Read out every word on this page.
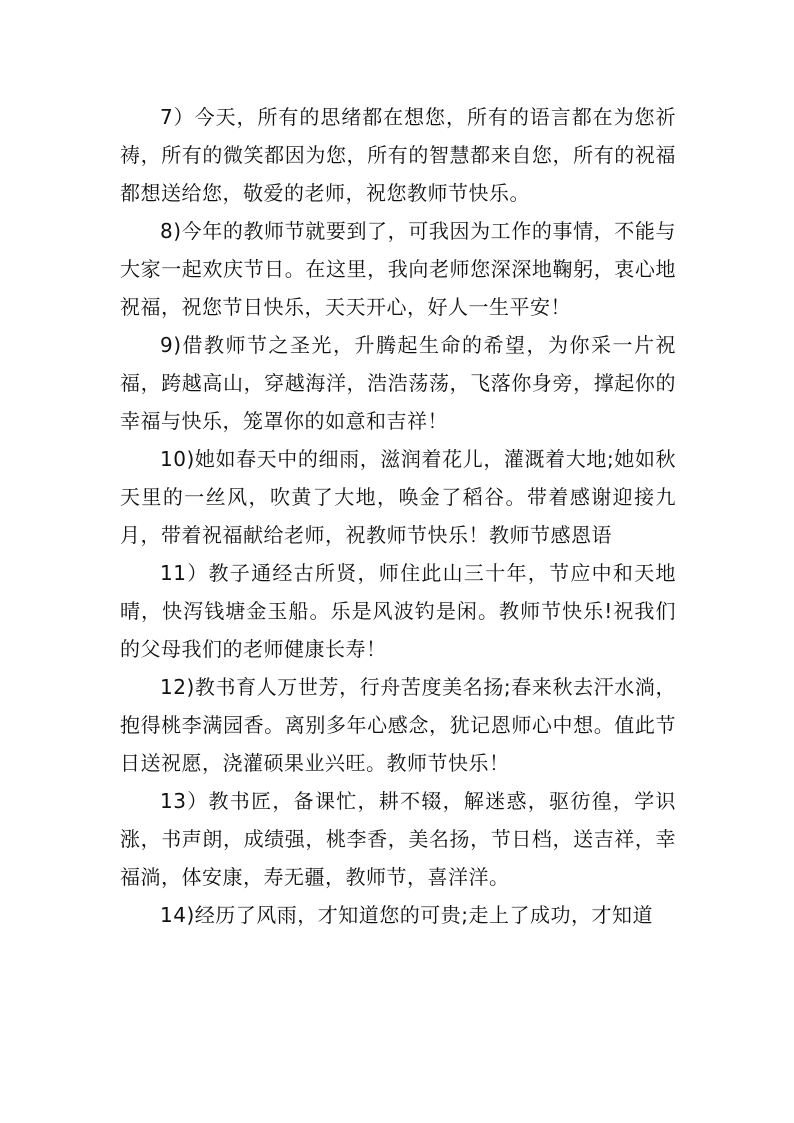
7）今天，所有的思绪都在想您，所有的语言都在为您祈祷，所有的微笑都因为您，所有的智慧都来自您，所有的祝福都想送给您，敬爱的老师，祝您教师节快乐。

8)今年的教师节就要到了，可我因为工作的事情，不能与大家一起欢庆节日。在这里，我向老师您深深地鞠躬，衷心地祝福，祝您节日快乐，天天开心，好人一生平安！

9)借教师节之圣光，升腾起生命的希望，为你采一片祝福，跨越高山，穿越海洋，浩浩荡荡，飞落你身旁，撑起你的幸福与快乐，笼罩你的如意和吉祥！

10)她如春天中的细雨，滋润着花儿，灌溉着大地;她如秋天里的一丝风，吹黄了大地，唤金了稻谷。带着感谢迎接九月，带着祝福献给老师，祝教师节快乐！教师节感恩语

11）教子通经古所贤，师住此山三十年，节应中和天地晴，快泻钱塘金玉船。乐是风波钓是闲。教师节快乐!祝我们的父母我们的老师健康长寿！

12)教书育人万世芳，行舟苦度美名扬;春来秋去汗水淌，抱得桃李满园香。离别多年心感念，犹记恩师心中想。值此节日送祝愿，浇灌硕果业兴旺。教师节快乐！

13）教书匠，备课忙，耕不辍，解迷惑，驱彷徨，学识涨，书声朗，成绩强，桃李香，美名扬，节日档，送吉祥，幸福淌，体安康，寿无疆，教师节，喜洋洋。

14)经历了风雨，才知道您的可贵;走上了成功，才知道
